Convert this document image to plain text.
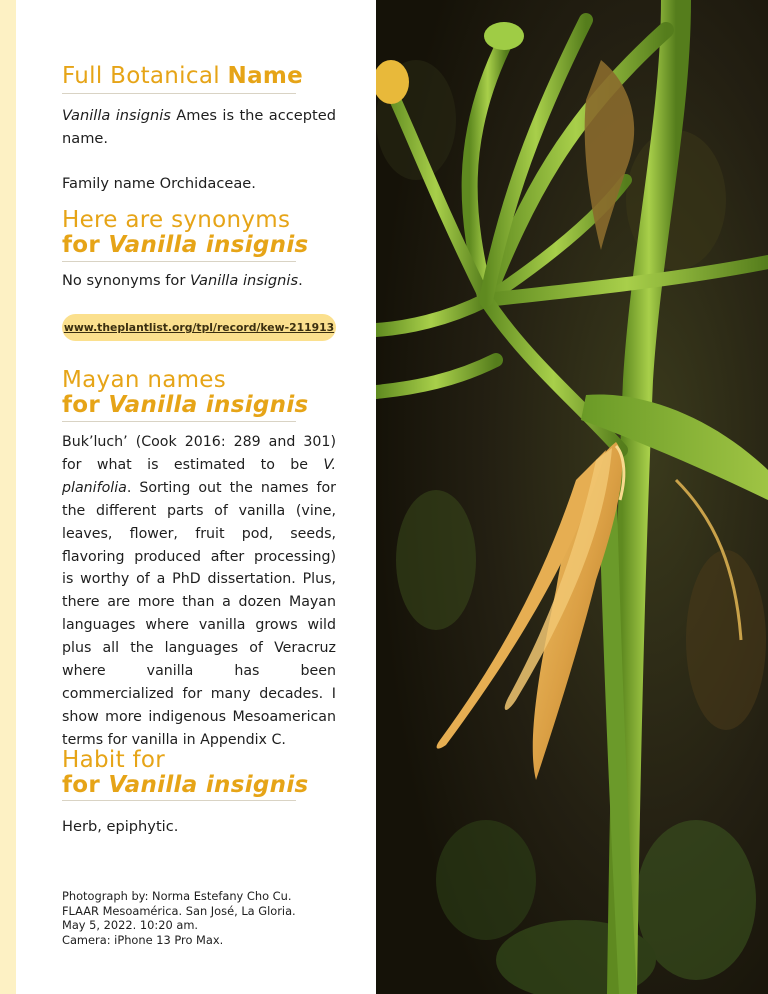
Full Botanical Name

Vanilla insignis Ames is the accepted name.

Family name Orchidaceae.

Here are synonyms
for Vanilla insignis

No synonyms for Vanilla insignis.

Mayan names
for Vanilla insignis

Buk’luch’ (Cook 2016: 289 and 301) for what is estimated to be V. planifolia. Sorting out the names for the different parts of vanilla (vine, leaves, flower, fruit pod, seeds, flavoring produced after processing) is worthy of a PhD dissertation. Plus, there are more than a dozen Mayan languages where vanilla grows wild plus all the languages of Veracruz where vanilla has been commercialized for many decades. I show more indigenous Mesoamerican terms for vanilla in Appendix C.

Habit for
for Vanilla insignis

Herb, epiphytic.

www.theplantlist.org/tpl/record/kew-211913
Photograph by: Norma Estefany Cho Cu.
FLAAR Mesoamérica. San José, La Gloria.
May 5, 2022. 10:20 am.
Camera: iPhone 13 Pro Max.
